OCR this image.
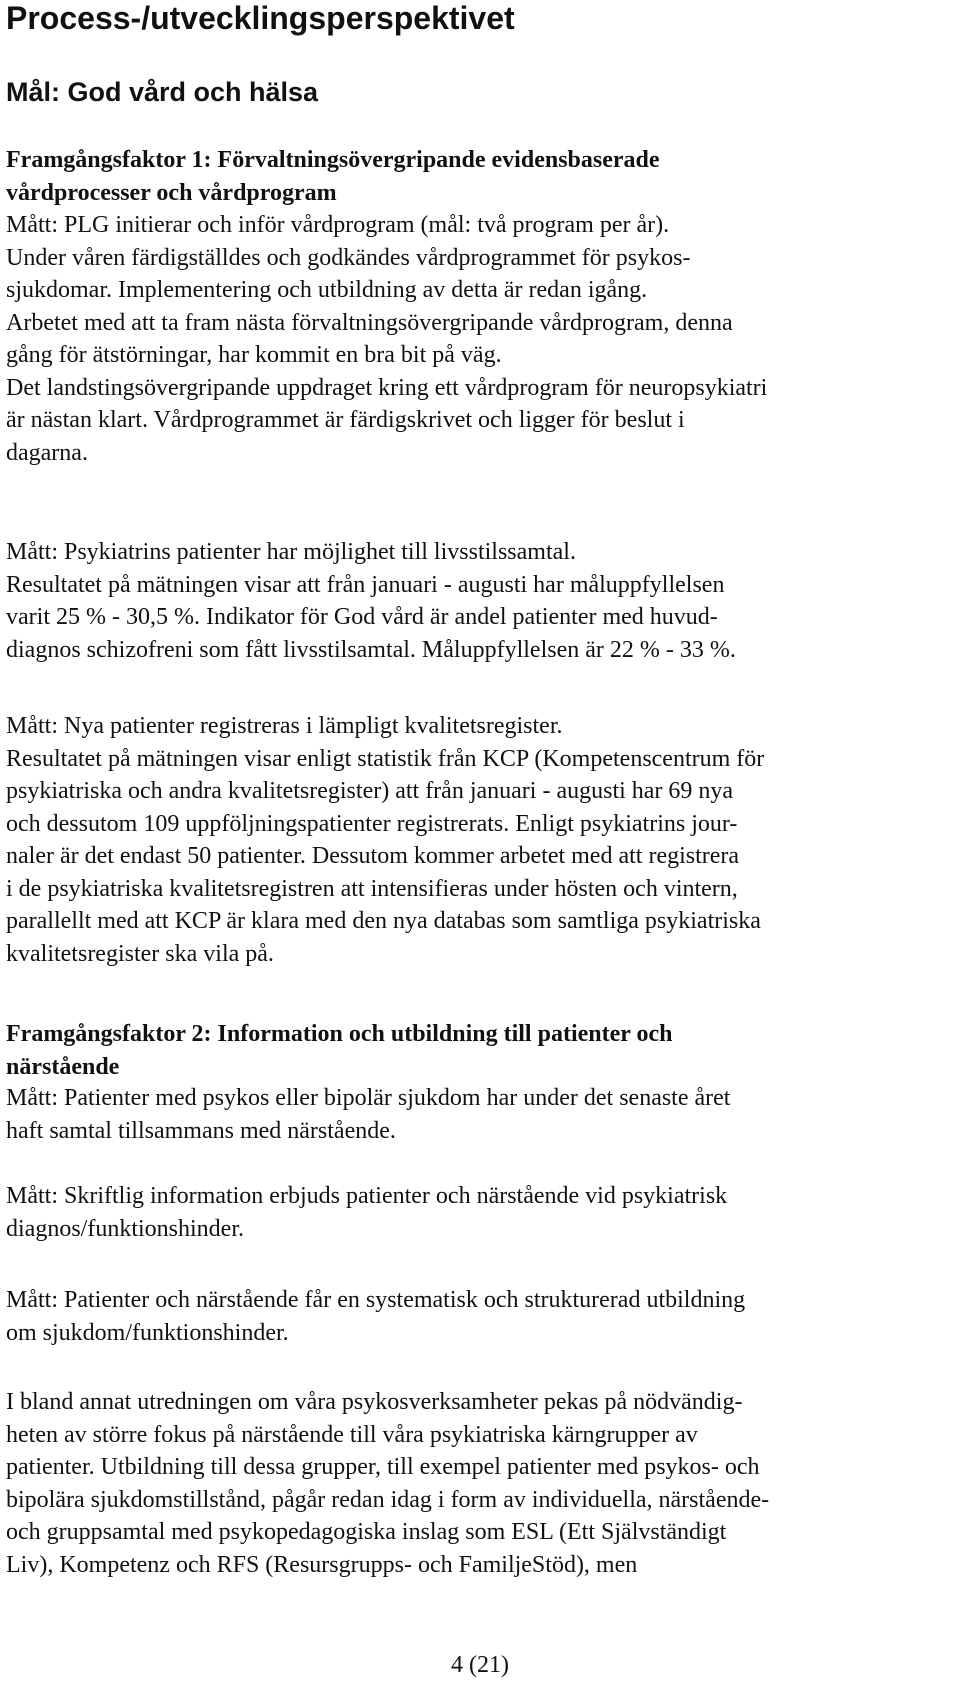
Process-/utvecklingsperspektivet
Mål: God vård och hälsa
Framgångsfaktor 1: Förvaltningsövergripande evidensbaserade
vårdprocesser och vårdprogram
Mått: PLG initierar och inför vårdprogram (mål: två program per år).
Under våren färdigställdes och godkändes vårdprogrammet för psykos-
sjukdomar. Implementering och utbildning av detta är redan igång.
Arbetet med att ta fram nästa förvaltningsövergripande vårdprogram, denna
gång för ätstörningar, har kommit en bra bit på väg.
Det landstingsövergripande uppdraget kring ett vårdprogram för neuropsykiatri
är nästan klart. Vårdprogrammet är färdigskrivet och ligger för beslut i
dagarna.
Mått: Psykiatrins patienter har möjlighet till livsstilssamtal.
Resultatet på mätningen visar att från januari - augusti har måluppfyllelsen
varit 25 % - 30,5 %. Indikator för God vård är andel patienter med huvud-
diagnos schizofreni som fått livsstilsamtal. Måluppfyllelsen är 22 % - 33 %.
Mått: Nya patienter registreras i lämpligt kvalitetsregister.
Resultatet på mätningen visar enligt statistik från KCP (Kompetenscentrum för
psykiatriska och andra kvalitetsregister) att från januari - augusti har 69 nya
och dessutom 109 uppföljningspatienter registrerats. Enligt psykiatrins jour-
naler är det endast 50 patienter. Dessutom kommer arbetet med att registrera
i de psykiatriska kvalitetsregistren att intensifieras under hösten och vintern,
parallellt med att KCP är klara med den nya databas som samtliga psykiatriska
kvalitetsregister ska vila på.
Framgångsfaktor 2: Information och utbildning till patienter och
närstående
Mått: Patienter med psykos eller bipolär sjukdom har under det senaste året
haft samtal tillsammans med närstående.
Mått: Skriftlig information erbjuds patienter och närstående vid psykiatrisk
diagnos/funktionshinder.
Mått: Patienter och närstående får en systematisk och strukturerad utbildning
om sjukdom/funktionshinder.
I bland annat utredningen om våra psykosverksamheter pekas på nödvändig-
heten av större fokus på närstående till våra psykiatriska kärngrupper av
patienter. Utbildning till dessa grupper, till exempel patienter med psykos- och
bipolära sjukdomstillstånd, pågår redan idag i form av individuella, närstående-
och gruppsamtal med psykopedagogiska inslag som ESL (Ett Självständigt
Liv), Kompetenz och RFS (Resursgrupps- och FamiljeStöd), men
4 (21)
